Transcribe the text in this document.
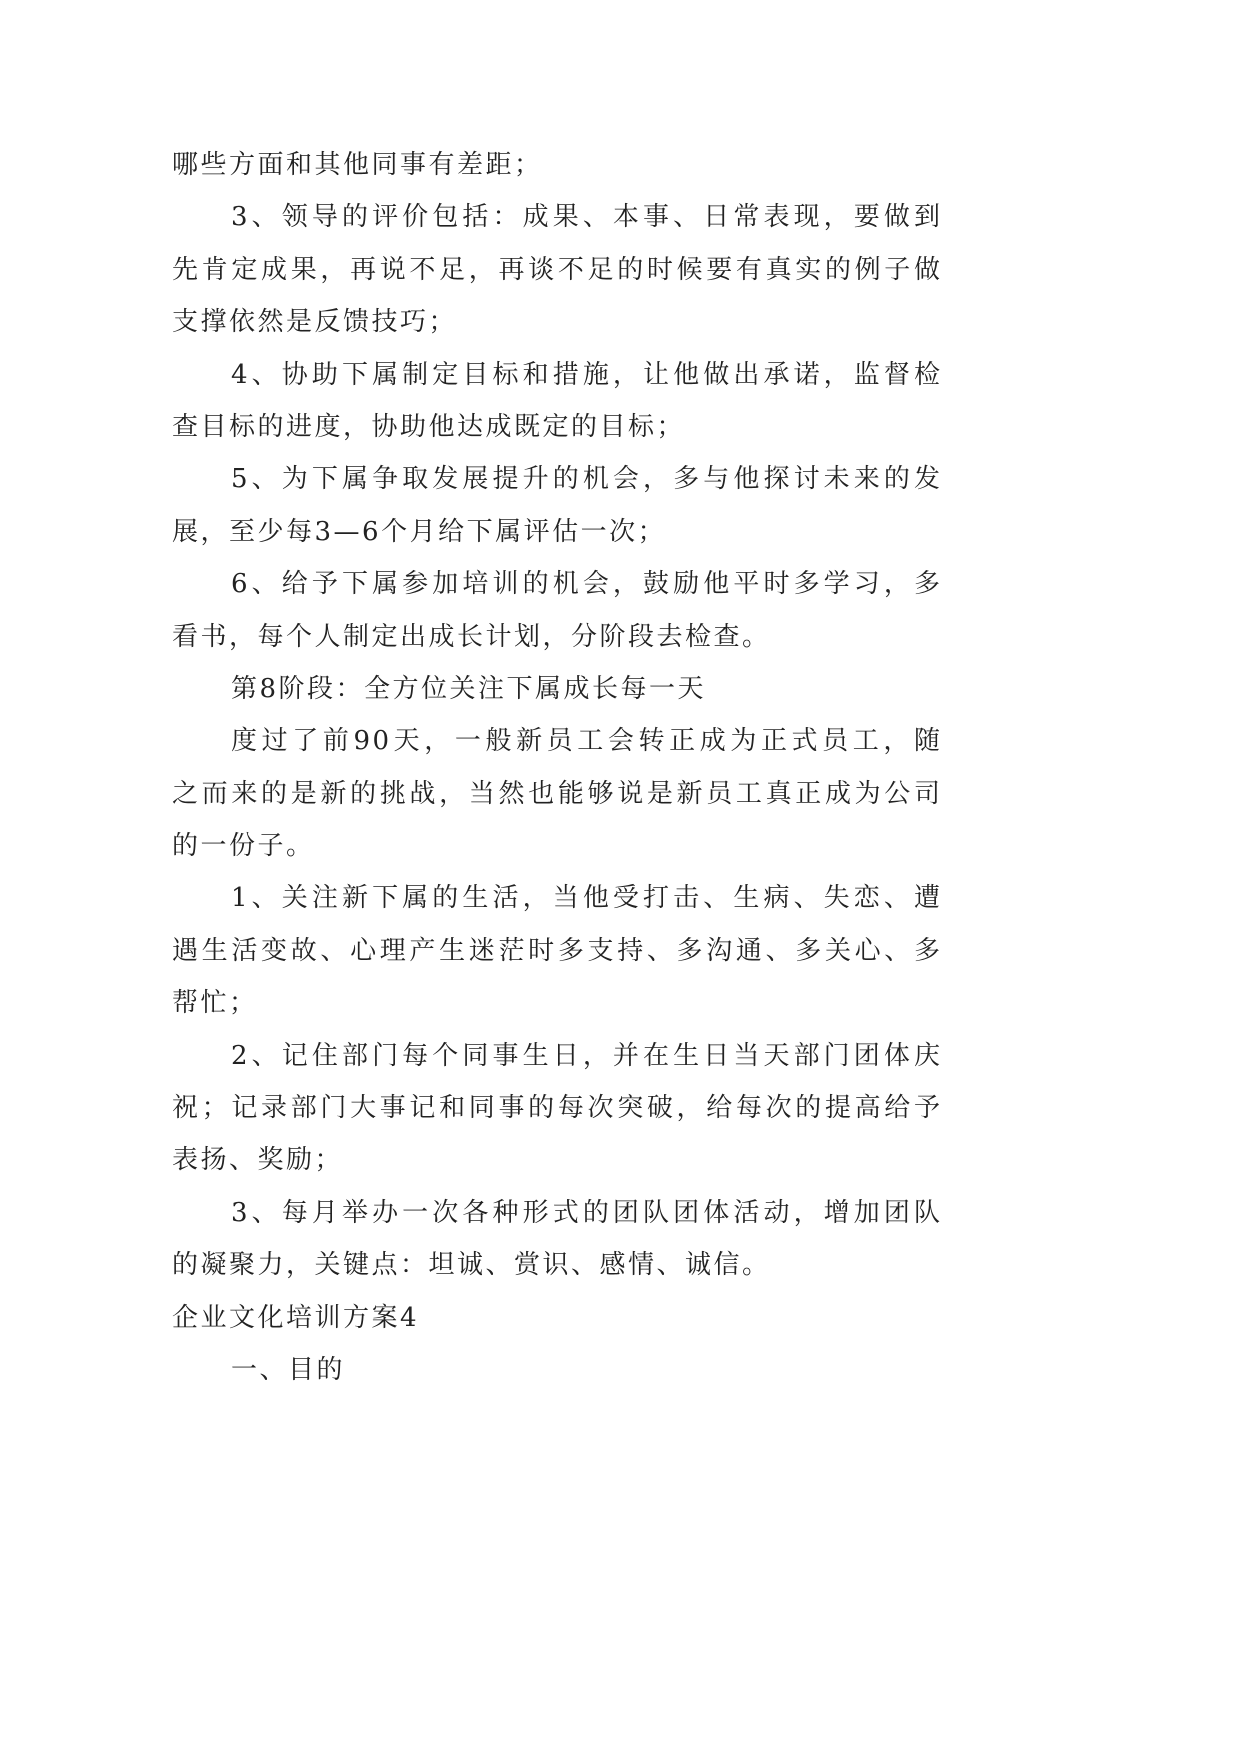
哪些方面和其他同事有差距；
3、领导的评价包括：成果、本事、日常表现，要做到
先肯定成果，再说不足，再谈不足的时候要有真实的例子做
支撑依然是反馈技巧；
4、协助下属制定目标和措施，让他做出承诺，监督检
查目标的进度，协助他达成既定的目标；
5、为下属争取发展提升的机会，多与他探讨未来的发
展，至少每3—6个月给下属评估一次；
6、给予下属参加培训的机会，鼓励他平时多学习，多
看书，每个人制定出成长计划，分阶段去检查。
第8阶段：全方位关注下属成长每一天
度过了前90天，一般新员工会转正成为正式员工，随
之而来的是新的挑战，当然也能够说是新员工真正成为公司
的一份子。
1、关注新下属的生活，当他受打击、生病、失恋、遭
遇生活变故、心理产生迷茫时多支持、多沟通、多关心、多
帮忙；
2、记住部门每个同事生日，并在生日当天部门团体庆
祝；记录部门大事记和同事的每次突破，给每次的提高给予
表扬、奖励；
3、每月举办一次各种形式的团队团体活动，增加团队
的凝聚力，关键点：坦诚、赏识、感情、诚信。
企业文化培训方案4
一、目的
